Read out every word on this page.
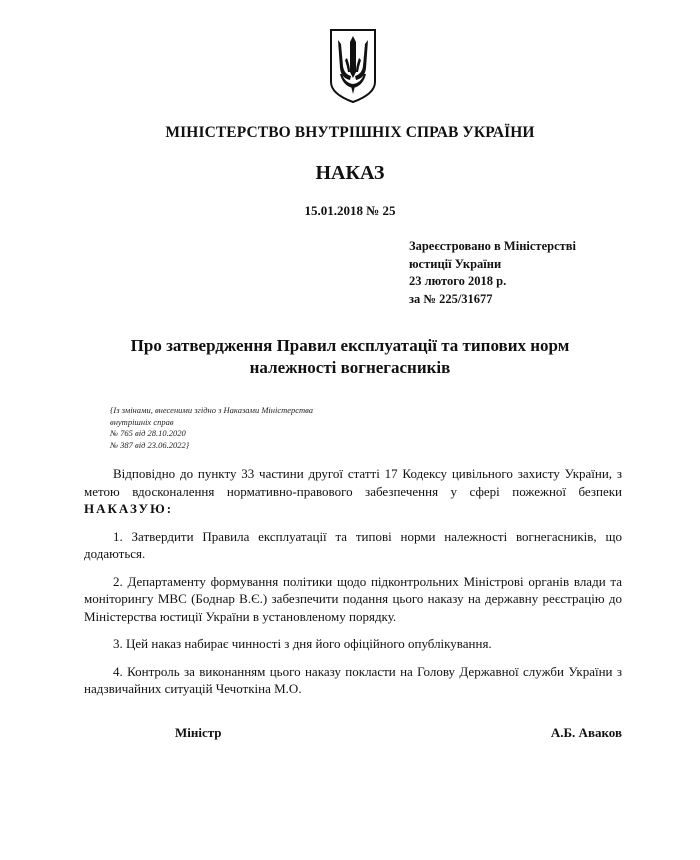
МІНІСТЕРСТВО ВНУТРІШНІХ СПРАВ УКРАЇНИ
НАКАЗ
15.01.2018 № 25
Зареєстровано в Міністерстві
юстиції України
23 лютого 2018 р.
за № 225/31677
Про затвердження Правил експлуатації та типових норм
належності вогнегасників
{Із змінами, внесеними згідно з Наказами Міністерства
внутрішніх справ
№ 765 від 28.10.2020
№ 387 від 23.06.2022}

Відповідно до пункту 33 частини другої статті 17 Кодексу цивільного захисту України, з метою вдосконалення нормативно-правового забезпечення у сфері пожежної безпеки НАКАЗУЮ:

1. Затвердити Правила експлуатації та типові норми належності вогнегасників, що додаються.

2. Департаменту формування політики щодо підконтрольних Міністрові органів влади та моніторингу МВС (Боднар В.Є.) забезпечити подання цього наказу на державну реєстрацію до Міністерства юстиції України в установленому порядку.

3. Цей наказ набирає чинності з дня його офіційного опублікування.

4. Контроль за виконанням цього наказу покласти на Голову Державної служби України з надзвичайних ситуацій Чечоткіна М.О.

Міністр	А.Б. Аваков
